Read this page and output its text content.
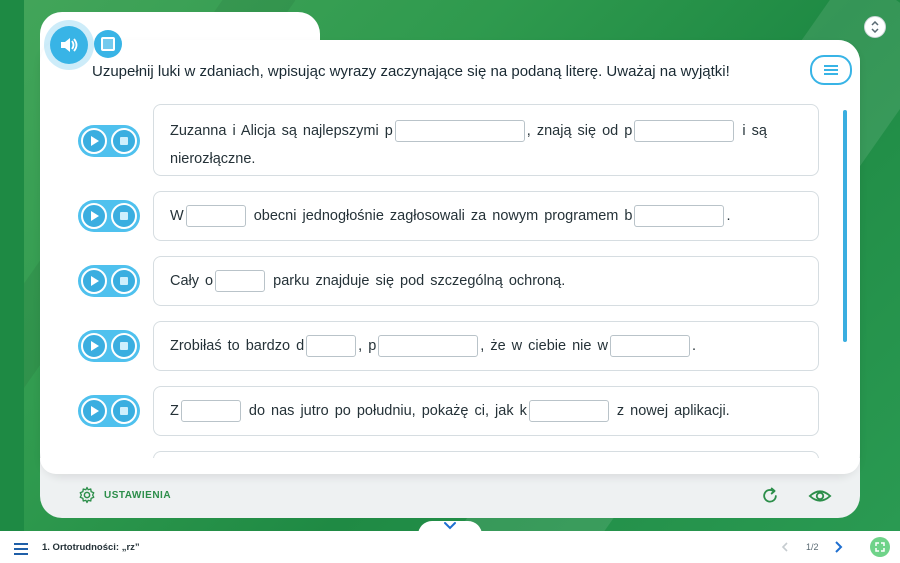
Uzupełnij luki w zdaniach, wpisując wyrazy zaczynające się na podaną literę. Uważaj na wyjątki!
Zuzanna i Alicja są najlepszymi p	, znają się od p	i są nierozłączne.
W	obecni jednogłośnie zagłosowali za nowym programem b	.
Cały o	parku znajduje się pod szczególną ochroną.
Zrobiłaś to bardzo d	, p	, że w ciebie nie w	.
Z	do nas jutro po południu, pokażę ci, jak k	z nowej aplikacji.
USTAWIENIA
1. Ortotrudności: „rz”	1/2
